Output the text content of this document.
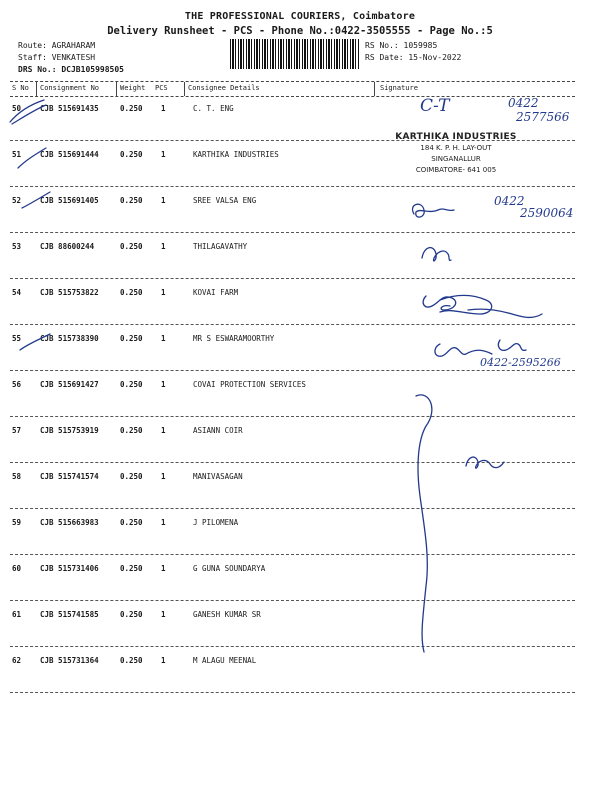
THE PROFESSIONAL COURIERS, Coimbatore
Delivery Runsheet - PCS - Phone No.:0422-3505555 - Page No.:5
Route: AGRAHARAM
Staff: VENKATESH
DRS No.: DCJB105998505
RS No.: 1059985
RS Date: 15-Nov-2022
S No Consignment No	Weight PCS	Consignee Details	Signature
50	CJB 515691435	0.250 1	C. T. ENG
51	CJB 515691444	0.250 1	KARTHIKA INDUSTRIES
52	CJB 515691405	0.250 1	SREE VALSA ENG
53	CJB 88600244	0.250 1	THILAGAVATHY
54	CJB 515753822	0.250 1	KOVAI FARM
55	CJB 515738390	0.250 1	MR S ESWARAMOORTHY
56	CJB 515691427	0.250 1	COVAI PROTECTION SERVICES
57	CJB 515753919	0.250 1	ASIANN COIR
58	CJB 515741574	0.250 1	MANIVASAGAN
59	CJB 515663983	0.250 1	J PILOMENA
60	CJB 515731406	0.250 1	G GUNA SOUNDARYA
61	CJB 515741585	0.250 1	GANESH KUMAR SR
62	CJB 515731364	0.250 1	M ALAGU MEENAL
KARTHIKA INDUSTRIES
184 K. P. H. LAY-OUT
SINGANALLUR
COIMBATORE- 641 005
C-T	0422
2577566
0422
2590064
0422-2595266
